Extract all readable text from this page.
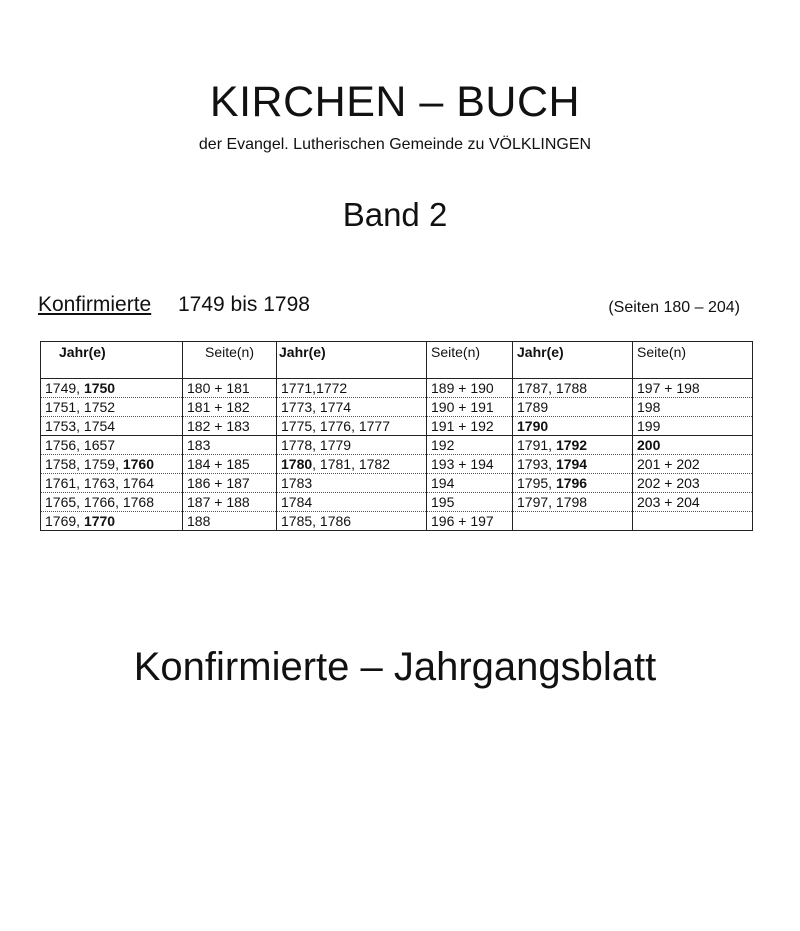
KIRCHEN – BUCH
der Evangel. Lutherischen Gemeinde zu VÖLKLINGEN
Band 2
Konfirmierte 1749 bis 1798	(Seiten 180 – 204)
Jahr(e)	Seite(n)	Jahr(e)	Seite(n)	Jahr(e)	Seite(n)

1749, 1750	180 + 181	1771,1772	189 + 190	1787, 1788	197 + 198
1751, 1752	181 + 182	1773, 1774	190 + 191	1789	198
1753, 1754	182 + 183	1775, 1776, 1777	191 + 192	1790	199
1756, 1657	183	1778, 1779	192	1791, 1792	200
1758, 1759, 1760	184 + 185	1780, 1781, 1782	193 + 194	1793, 1794	201 + 202
1761, 1763, 1764	186 + 187	1783	194	1795, 1796	202 + 203
1765, 1766, 1768	187 + 188	1784	195	1797, 1798	203 + 204
1769, 1770	188	1785, 1786	196 + 197		
Konfirmierte – Jahrgangsblatt
